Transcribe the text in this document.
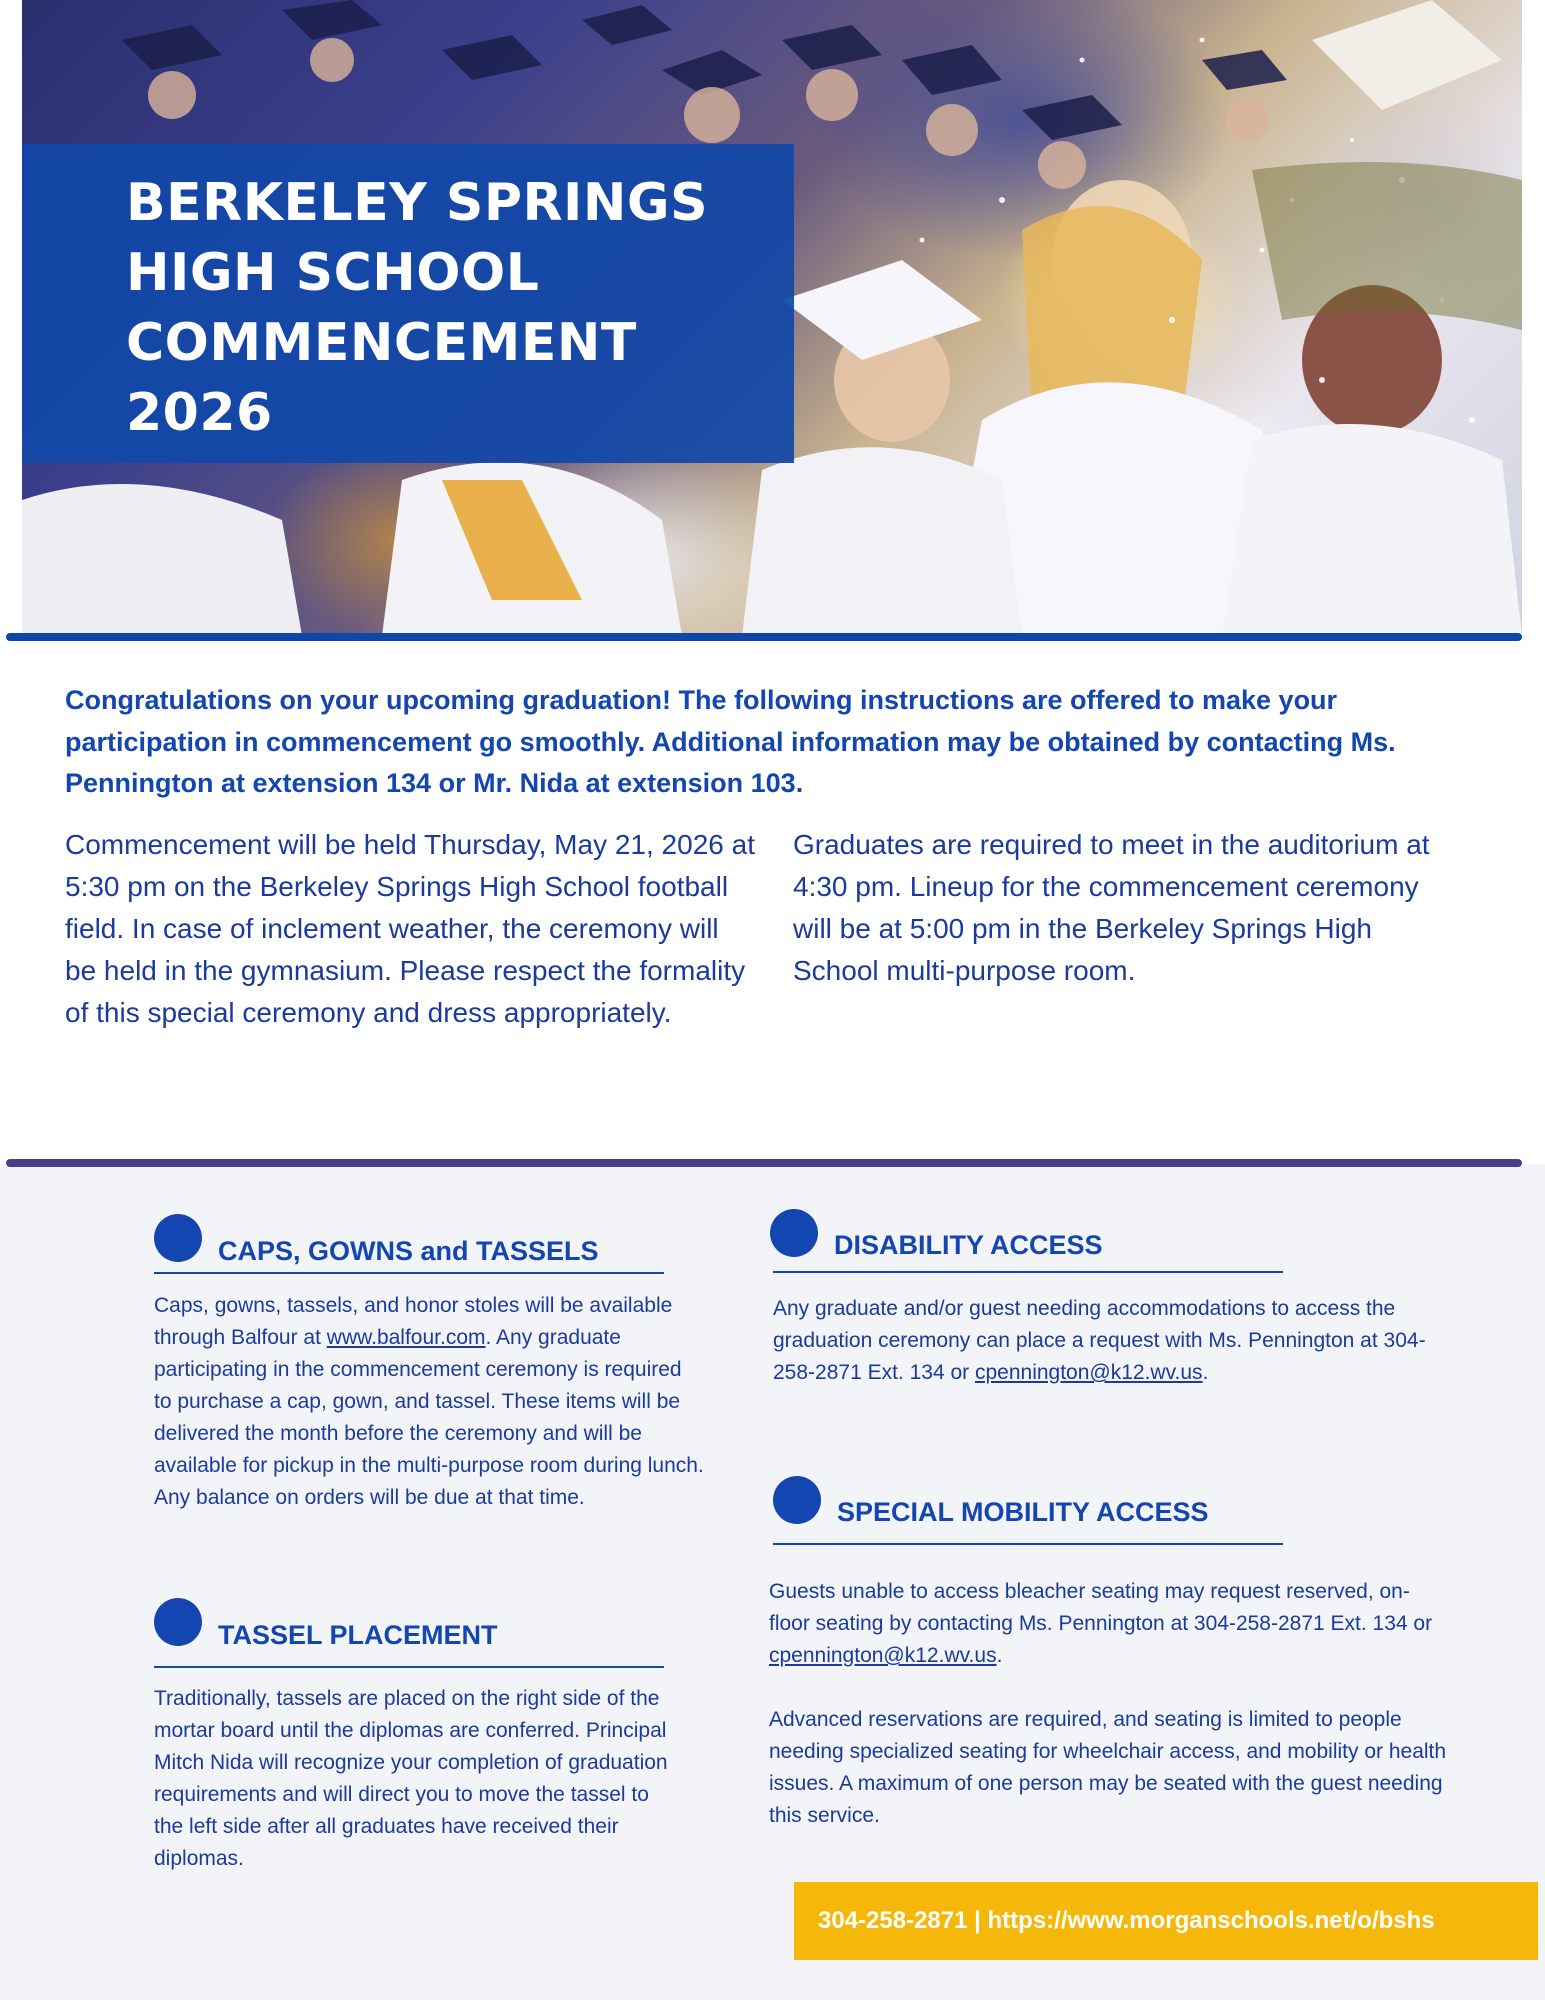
BERKELEY SPRINGS
HIGH SCHOOL
COMMENCEMENT
2026

Congratulations on your upcoming graduation! The following instructions are offered to make your participation in commencement go smoothly. Additional information may be obtained by contacting Ms. Pennington at extension 134 or Mr. Nida at extension 103.

Commencement will be held Thursday, May 21, 2026 at 5:30 pm on the Berkeley Springs High School football field. In case of inclement weather, the ceremony will be held in the gymnasium. Please respect the formality of this special ceremony and dress appropriately.

Graduates are required to meet in the auditorium at 4:30 pm. Lineup for the commencement ceremony will be at 5:00 pm in the Berkeley Springs High School multi-purpose room.

CAPS, GOWNS and TASSELS

Caps, gowns, tassels, and honor stoles will be available through Balfour at www.balfour.com. Any graduate participating in the commencement ceremony is required to purchase a cap, gown, and tassel. These items will be delivered the month before the ceremony and will be available for pickup in the multi-purpose room during lunch. Any balance on orders will be due at that time.

TASSEL PLACEMENT

Traditionally, tassels are placed on the right side of the mortar board until the diplomas are conferred. Principal Mitch Nida will recognize your completion of graduation requirements and will direct you to move the tassel to the left side after all graduates have received their diplomas.

DISABILITY ACCESS

Any graduate and/or guest needing accommodations to access the graduation ceremony can place a request with Ms. Pennington at 304-258-2871 Ext. 134 or cpennington@k12.wv.us.

SPECIAL MOBILITY ACCESS

Guests unable to access bleacher seating may request reserved, on-floor seating by contacting Ms. Pennington at 304-258-2871 Ext. 134 or cpennington@k12.wv.us.

Advanced reservations are required, and seating is limited to people needing specialized seating for wheelchair access, and mobility or health issues. A maximum of one person may be seated with the guest needing this service.

304-258-2871 | https://www.morganschools.net/o/bshs
